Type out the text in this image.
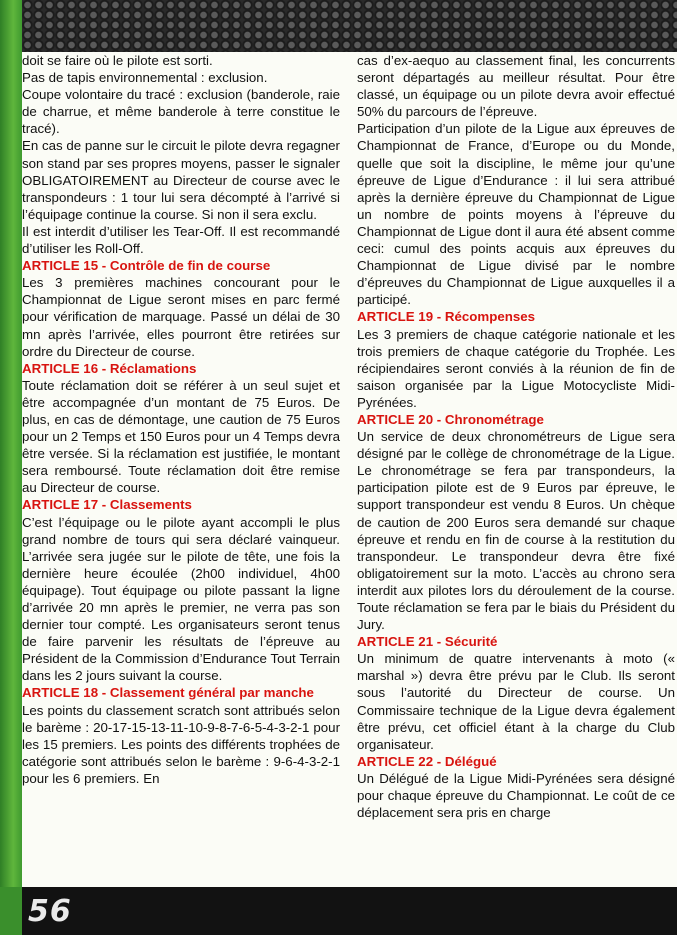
doit se faire où le pilote est sorti.

Pas de tapis environnemental : exclusion.

Coupe volontaire du tracé : exclusion (banderole, raie de charrue, et même banderole à terre constitue le tracé).

En cas de panne sur le circuit le pilote devra regagner son stand par ses propres moyens, passer le signaler OBLIGATOIREMENT au Directeur de course avec le transpondeurs : 1 tour lui sera décompté à l’arrivé si l’équipage continue la course. Si non il sera exclu.

Il est interdit d’utiliser les Tear-Off. Il est recommandé d’utiliser les Roll-Off.

ARTICLE 15 - Contrôle de fin de course

Les 3 premières machines concourant pour le Championnat de Ligue seront mises en parc fermé pour vérification de marquage. Passé un délai de 30 mn après l’arrivée, elles pourront être retirées sur ordre du Directeur de course.

ARTICLE 16 - Réclamations

Toute réclamation doit se référer à un seul sujet et être accompagnée d’un montant de 75 Euros. De plus, en cas de démontage, une caution de 75 Euros pour un 2 Temps et 150 Euros pour un 4 Temps devra être versée. Si la réclamation est justifiée, le montant sera remboursé. Toute réclamation doit être remise au Directeur de course.

ARTICLE 17 - Classements

C’est l’équipage ou le pilote ayant accompli le plus grand nombre de tours qui sera déclaré vainqueur. L’arrivée sera jugée sur le pilote de tête, une fois la dernière heure écoulée (2h00 individuel, 4h00 équipage). Tout équipage ou pilote passant la ligne d’arrivée 20 mn après le premier, ne verra pas son dernier tour compté. Les organisateurs seront tenus de faire parvenir les résultats de l’épreuve au Président de la Commission d’Endurance Tout Terrain dans les 2 jours suivant la course.

ARTICLE 18 - Classement général par manche

Les points du classement scratch sont attribués selon le barème : 20-17-15-13-11-10-9-8-7-6-5-4-3-2-1 pour les 15 premiers. Les points des différents trophées de catégorie sont attribués selon le barème : 9-6-4-3-2-1 pour les 6 premiers. En

cas d’ex-aequo au classement final, les concurrents seront départagés au meilleur résultat. Pour être classé, un équipage ou un pilote devra avoir effectué 50% du parcours de l’épreuve.

Participation d’un pilote de la Ligue aux épreuves de Championnat de France, d’Europe ou du Monde, quelle que soit la discipline, le même jour qu’une épreuve de Ligue d’Endurance : il lui sera attribué après la dernière épreuve du Championnat de Ligue un nombre de points moyens à l’épreuve du Championnat de Ligue dont il aura été absent comme ceci: cumul des points acquis aux épreuves du Championnat de Ligue divisé par le nombre d’épreuves du Championnat de Ligue auxquelles il a participé.

ARTICLE 19 - Récompenses

Les 3 premiers de chaque catégorie nationale et les trois premiers de chaque catégorie du Trophée. Les récipiendaires seront conviés à la réunion de fin de saison organisée par la Ligue Motocycliste Midi-Pyrénées.

ARTICLE 20 - Chronométrage

Un service de deux chronométreurs de Ligue sera désigné par le collège de chronométrage de la Ligue. Le chronométrage se fera par transpondeurs, la participation pilote est de 9 Euros par épreuve, le support transpondeur est vendu 8 Euros. Un chèque de caution de 200 Euros sera demandé sur chaque épreuve et rendu en fin de course à la restitution du transpondeur. Le transpondeur devra être fixé obligatoirement sur la moto. L’accès au chrono sera interdit aux pilotes lors du déroulement de la course. Toute réclamation se fera par le biais du Président du Jury.

ARTICLE 21 - Sécurité

Un minimum de quatre intervenants à moto (« marshal ») devra être prévu par le Club. Ils seront sous l’autorité du Directeur de course. Un Commissaire technique de la Ligue devra également être prévu, cet officiel étant à la charge du Club organisateur.

ARTICLE 22 - Délégué

Un Délégué de la Ligue Midi-Pyrénées sera désigné pour chaque épreuve du Championnat. Le coût de ce déplacement sera pris en charge

56
